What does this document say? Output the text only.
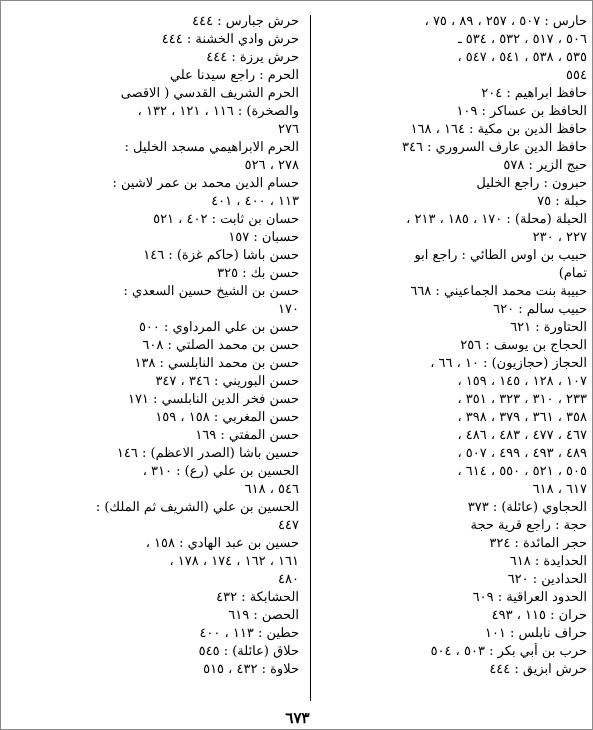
حارس : ٥٠٧ ، ٢٥٧ ، ٨٩ ، ٧٥ ،
٥٠٦ ، ٥١٧ ، ٥٣٢ ، ٥٣٤ ـ
٥٣٥ ، ٥٣٨ ، ٥٤١ ، ٥٤٧ ،
٥٥٤
حافظ ابراهيم : ٢٠٤
الحافظ بن عساكر : ١٠٩
حافظ الدين بن مكية : ١٦٤ ، ١٦٨
حافظ الدين عارف السروري : ٣٤٦
حبج الزير : ٥٧٨
حبرون : راجع الخليل
حبلة : ٧٥
الحبلة (محلة) : ١٧٠ ، ١٨٥ ، ٢١٣ ،
٢٢٧ ، ٢٣٠
حبيب بن اوس الطائي : راجع ابو
تمام)
حبيبة بنت محمد الجماعيني : ٦٦٨
حبيب سالم : ٦٢٠
الحتاورة : ٦٢١
الحجاج بن يوسف : ٢٥٦
الحجاز (حجازيون) : ١٠ ، ٦٦ ،
١٠٧ ، ١٢٨ ، ١٤٥ ، ١٥٩ ،
٢٣٣ ، ٣١٠ ، ٣٢٣ ، ٣٥١ ،
٣٥٨ ، ٣٦١ ، ٣٧٩ ، ٣٩٨ ،
٤٦٧ ، ٤٧٧ ، ٤٨٣ ، ٤٨٦ ،
٤٨٩ ، ٤٩٣ ، ٤٩٩ ، ٥٠٧ ،
٥٠٥ ، ٥٢١ ، ٥٥٠ ، ٦١٤ ،
٦١٧ ، ٦١٨
الحجاوي (عائلة) : ٣٧٣
حجة : راجع قرية حجة
حجر المائدة : ٣٢٤
الحدايدة : ٦١٨
الحدادين : ٦٢٠
الحدود العراقية : ٦٠٩
حران : ١١٥ ، ٤٩٣
حراف نابلس : ١٠١
حرب بن أبي بكر : ٥٠٣ ، ٥٠٤
حرش ابزيق : ٤٤٤
حرش جبارس : ٤٤٤
حرش وادي الخشنة : ٤٤٤
حرش يرزة : ٤٤٤
الحرم : راجع سيدنا علي
الحرم الشريف القدسي ( الاقصى
والصخرة) : ١١٦ ، ١٢١ ، ١٣٢ ،
٢٧٦
الحرم الابراهيمي مسجد الخليل :
٢٧٨ ، ٥٢٦
حسام الدين محمد بن عمر لاشين :
١١٣ ، ٤٠٠ ، ٤٠١
حسان بن ثابت : ٤٠٢ ، ٥٢١
حسبان : ١٥٧
حسن باشا (حاكم غزة) : ١٤٦
حسن بك : ٣٢٥
حسن بن الشيخ حسين السعدي :
١٧٠
حسن بن علي المرداوي : ٥٠٠
حسن بن محمد الصلتي : ٦٠٨
حسن بن محمد النابلسي : ١٣٨
حسن البوريني : ٣٤٦ ، ٣٤٧
حسن فخر الدين النابلسي : ١٧١
حسن المغربي : ١٥٨ ، ١٥٩
حسن المفتي : ١٦٩
حسين باشا (الصدر الاعظم) : ١٤٦
الحسين بن علي (رع) : ٣١٠ ،
٥٤٦ ، ٦١٨
الحسين بن علي (الشريف ثم الملك) :
٤٤٧
حسين بن عبد الهادي : ١٥٨ ،
١٦١ ، ١٦٢ ، ١٧٤ ، ١٧٨ ،
٤٨٠
الحشابكة : ٤٣٢
الحصن : ٦١٩
حطين : ١١٣ ، ٤٠٠
حلاق (عائلة) : ٥٤٥
حلاوة : ٤٣٢ ، ٥١٥
٦٧٣
